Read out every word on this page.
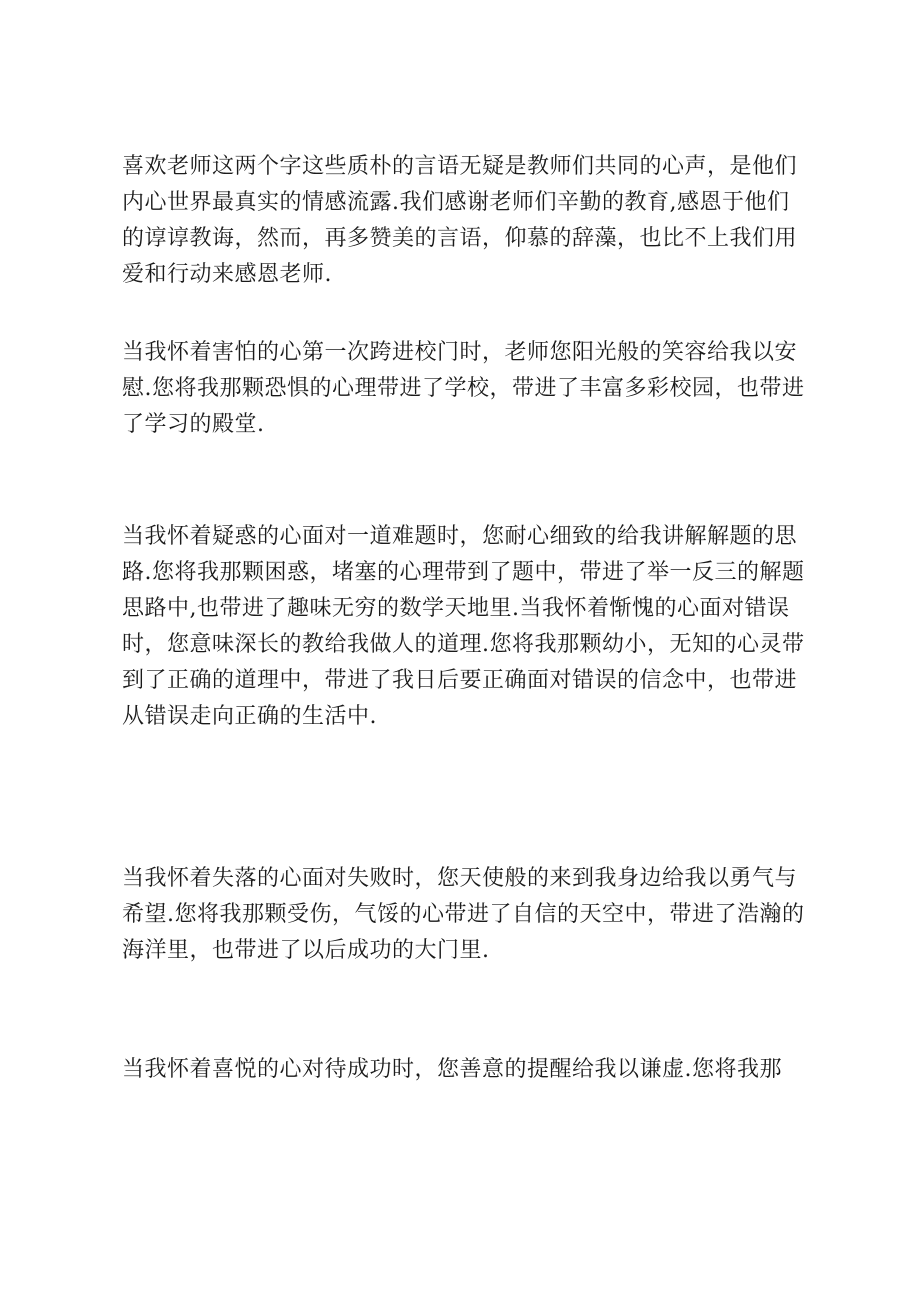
喜欢老师这两个字这些质朴的言语无疑是教师们共同的心声，是他们
内心世界最真实的情感流露.我们感谢老师们辛勤的教育,感恩于他们
的谆谆教诲，然而，再多赞美的言语，仰慕的辞藻，也比不上我们用
爱和行动来感恩老师.
当我怀着害怕的心第一次跨进校门时，老师您阳光般的笑容给我以安
慰.您将我那颗恐惧的心理带进了学校，带进了丰富多彩校园，也带进
了学习的殿堂.
当我怀着疑惑的心面对一道难题时，您耐心细致的给我讲解解题的思
路.您将我那颗困惑，堵塞的心理带到了题中，带进了举一反三的解题
思路中,也带进了趣味无穷的数学天地里.当我怀着惭愧的心面对错误
时，您意味深长的教给我做人的道理.您将我那颗幼小，无知的心灵带
到了正确的道理中，带进了我日后要正确面对错误的信念中，也带进
从错误走向正确的生活中.
当我怀着失落的心面对失败时，您天使般的来到我身边给我以勇气与
希望.您将我那颗受伤，气馁的心带进了自信的天空中，带进了浩瀚的
海洋里，也带进了以后成功的大门里.
当我怀着喜悦的心对待成功时，您善意的提醒给我以谦虚.您将我那
